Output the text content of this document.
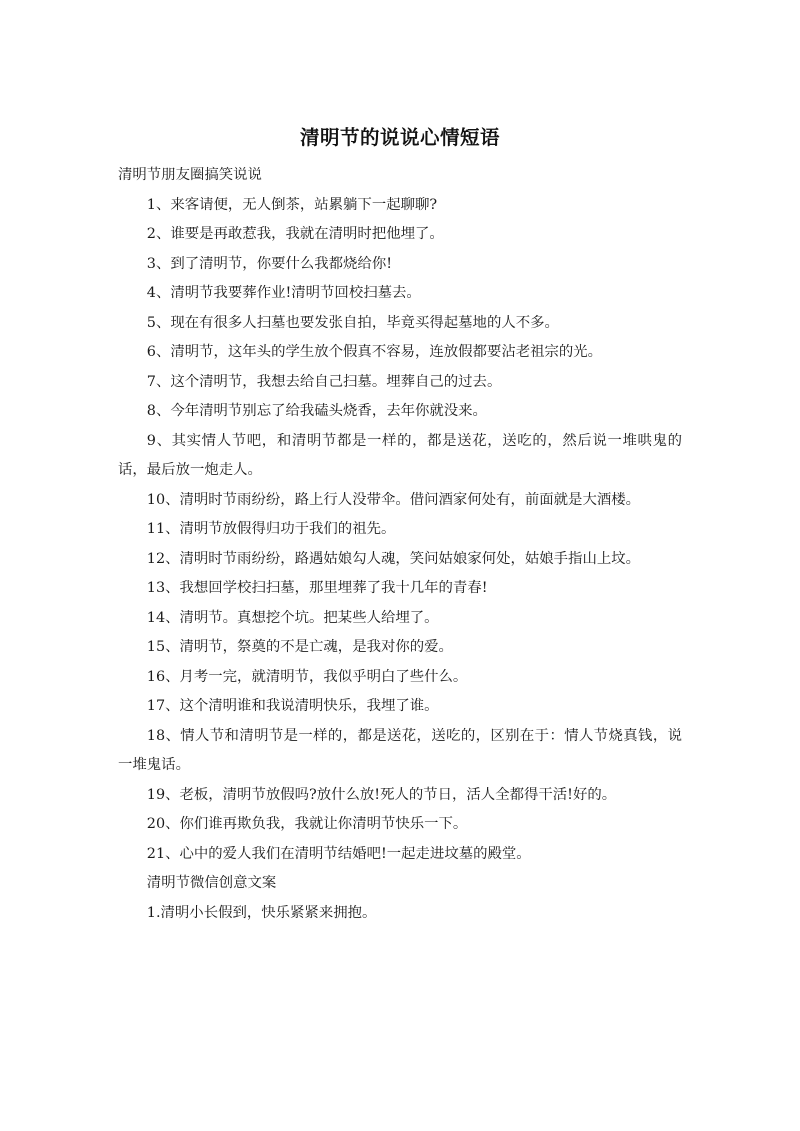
清明节的说说心情短语

清明节朋友圈搞笑说说

1、来客请便，无人倒茶，站累躺下一起聊聊?

2、谁要是再敢惹我，我就在清明时把他埋了。

3、到了清明节，你要什么我都烧给你!

4、清明节我要葬作业!清明节回校扫墓去。

5、现在有很多人扫墓也要发张自拍，毕竟买得起墓地的人不多。

6、清明节，这年头的学生放个假真不容易，连放假都要沾老祖宗的光。

7、这个清明节，我想去给自己扫墓。埋葬自己的过去。

8、今年清明节别忘了给我磕头烧香，去年你就没来。

9、其实情人节吧，和清明节都是一样的，都是送花，送吃的，然后说一堆哄鬼的话，最后放一炮走人。

10、清明时节雨纷纷，路上行人没带伞。借问酒家何处有，前面就是大酒楼。

11、清明节放假得归功于我们的祖先。

12、清明时节雨纷纷，路遇姑娘勾人魂，笑问姑娘家何处，姑娘手指山上坟。

13、我想回学校扫扫墓，那里埋葬了我十几年的青春!

14、清明节。真想挖个坑。把某些人给埋了。

15、清明节，祭奠的不是亡魂，是我对你的爱。

16、月考一完，就清明节，我似乎明白了些什么。

17、这个清明谁和我说清明快乐，我埋了谁。

18、情人节和清明节是一样的，都是送花，送吃的，区别在于：情人节烧真钱，说一堆鬼话。

19、老板，清明节放假吗?放什么放!死人的节日，活人全都得干活!好的。

20、你们谁再欺负我，我就让你清明节快乐一下。

21、心中的爱人我们在清明节结婚吧!一起走进坟墓的殿堂。

清明节微信创意文案

1.清明小长假到，快乐紧紧来拥抱。
